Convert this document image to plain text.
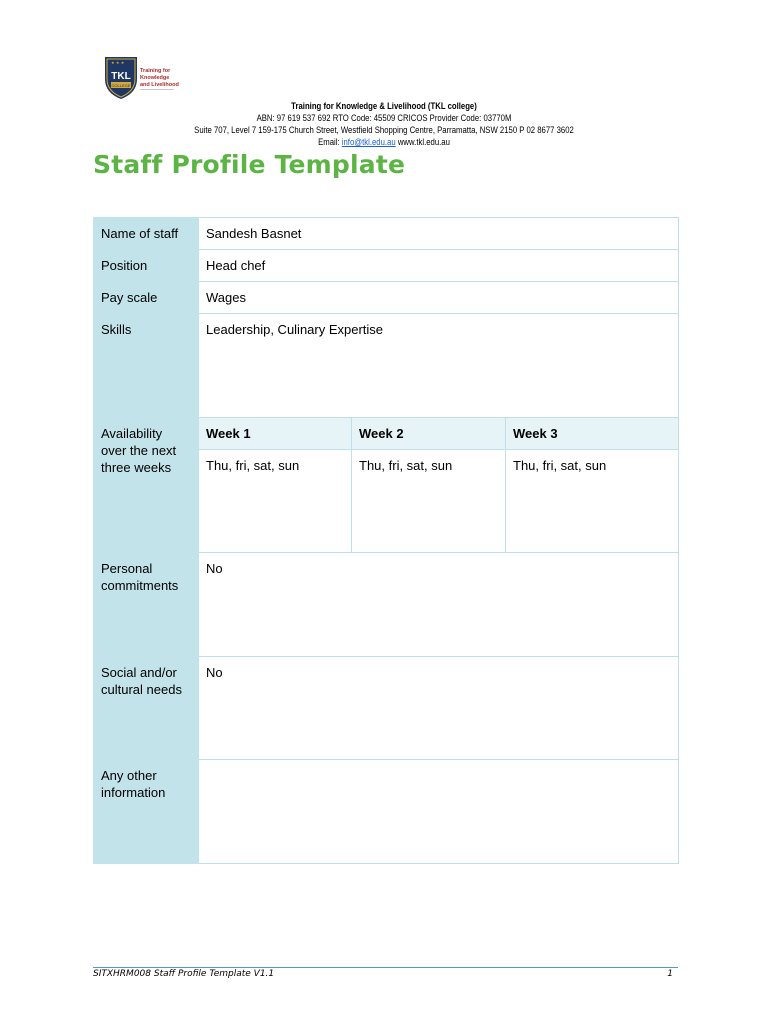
★ ★ ★
TKL
COLLEGE
Training for
Knowledge
and Livelihood
Training for Knowledge & Livelihood (TKL college)
ABN: 97 619 537 692 RTO Code: 45509 CRICOS Provider Code: 03770M
Suite 707, Level 7 159-175 Church Street, Westfield Shopping Centre, Parramatta, NSW 2150 P 02 8677 3602
Email: info@tkl.edu.au www.tkl.edu.au
Staff Profile Template
Name of staff	Sandesh Basnet		
Position	Head chef		
Pay scale	Wages		
Skills	Leadership, Culinary Expertise		
Availability over the next three weeks	Week 1	Week 2	Week 3
	Thu, fri, sat, sun	Thu, fri, sat, sun	Thu, fri, sat, sun
Personal commitments	No		
Social and/or cultural needs	No		
Any other information			
SITXHRM008 Staff Profile Template V1.1	1
